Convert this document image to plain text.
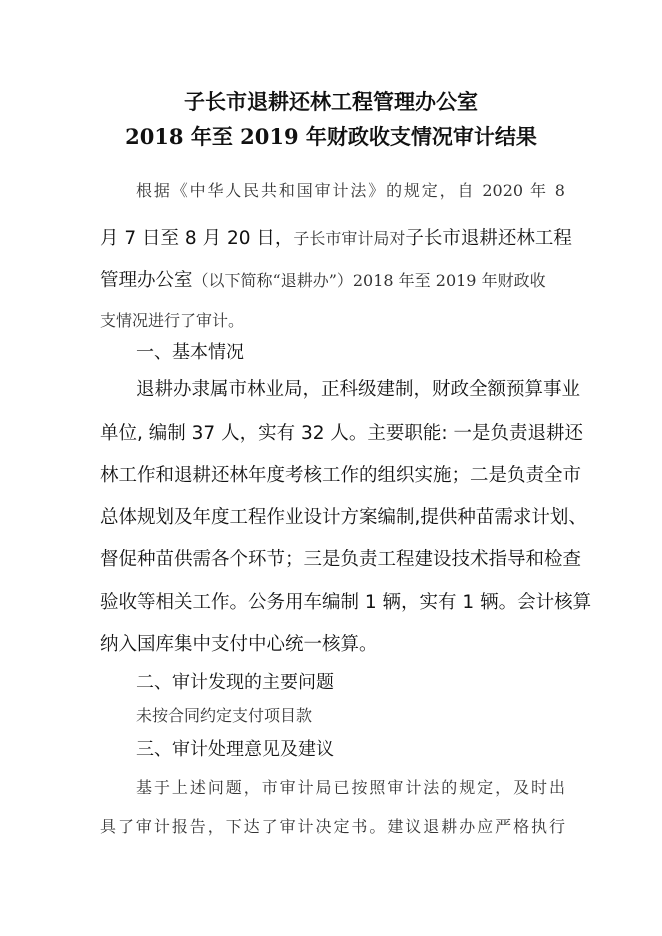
子长市退耕还林工程管理办公室
2018 年至 2019 年财政收支情况审计结果
根据《中华人民共和国审计法》的规定，自 2020 年 8
月 7 日至 8 月 20 日，子长市审计局对子长市退耕还林工程
管理办公室（以下简称“退耕办”）2018 年至 2019 年财政收
支情况进行了审计。
一、基本情况
退耕办隶属市林业局，正科级建制，财政全额预算事业
单位, 编制 37 人，实有 32 人。主要职能: 一是负责退耕还
林工作和退耕还林年度考核工作的组织实施；二是负责全市
总体规划及年度工程作业设计方案编制,提供种苗需求计划、
督促种苗供需各个环节；三是负责工程建设技术指导和检查
验收等相关工作。公务用车编制 1 辆，实有 1 辆。会计核算
纳入国库集中支付中心统一核算。
二、审计发现的主要问题
未按合同约定支付项目款
三、审计处理意见及建议
基于上述问题，市审计局已按照审计法的规定，及时出
具了审计报告，下达了审计决定书。建议退耕办应严格执行
